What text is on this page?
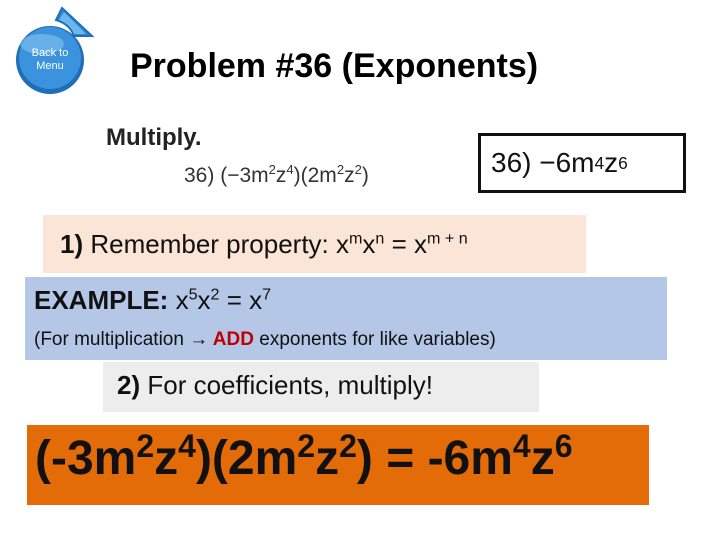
Back to
Menu	Problem #36 (Exponents)
Multiply.
36) $(-3m^2z^4)(2m^2z^2)$	36)
−6m 4 z 6
1) Remember property: $x^mx^n = x^{m + n}$
EXAMPLE: $x^5x^2 = x^7$
(For multiplication → ADD exponents for like variables)
2) For coefficients, multiply!
$(-3m^2z^4)(2m^2z^2) = -6m^4z^6$
